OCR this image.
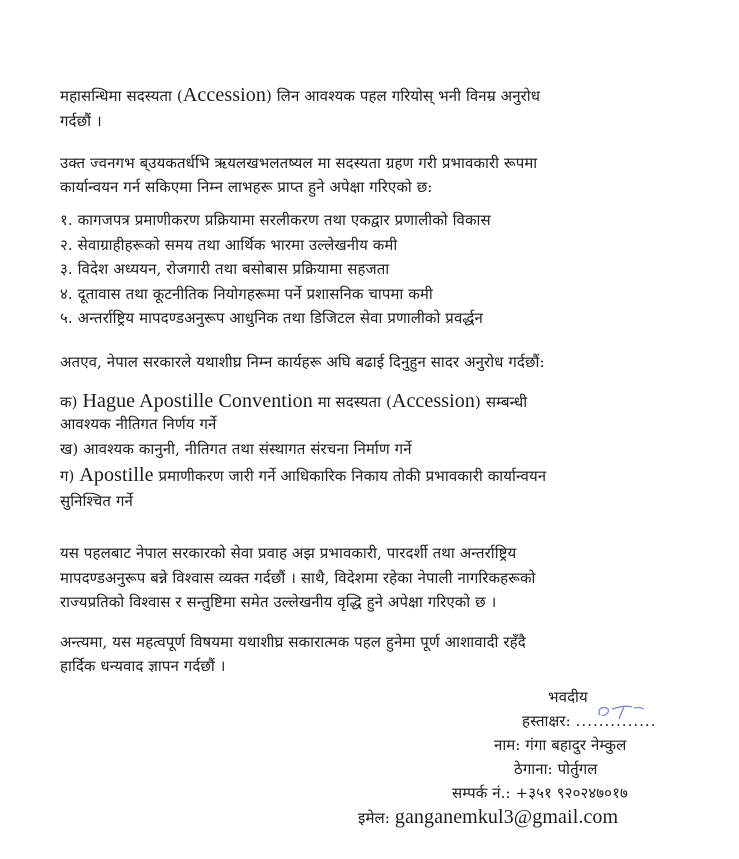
महासन्धिमा सदस्यता (Accession) लिन आवश्यक पहल गरियोस् भनी विनम्र अनुरोध
गर्दछौं ।
उक्त ज्वनगभ ब्उयकतर्धभि ऋयलखभलतष्यल मा सदस्यता ग्रहण गरी प्रभावकारी रूपमा
कार्यान्वयन गर्न सकिएमा निम्न लाभहरू प्राप्त हुने अपेक्षा गरिएको छ:
१. कागजपत्र प्रमाणीकरण प्रक्रियामा सरलीकरण तथा एकद्वार प्रणालीको विकास
२. सेवाग्राहीहरूको समय तथा आर्थिक भारमा उल्लेखनीय कमी
३. विदेश अध्ययन, रोजगारी तथा बसोबास प्रक्रियामा सहजता
४. दूतावास तथा कूटनीतिक नियोगहरूमा पर्ने प्रशासनिक चापमा कमी
५. अन्तर्राष्ट्रिय मापदण्डअनुरूप आधुनिक तथा डिजिटल सेवा प्रणालीको प्रवर्द्धन
अतएव, नेपाल सरकारले यथाशीघ्र निम्न कार्यहरू अघि बढाई दिनुहुन सादर अनुरोध गर्दछौं:
क) Hague Apostille Convention मा सदस्यता (Accession) सम्बन्धी
आवश्यक नीतिगत निर्णय गर्ने
ख) आवश्यक कानुनी, नीतिगत तथा संस्थागत संरचना निर्माण गर्ने
ग) Apostille प्रमाणीकरण जारी गर्ने आधिकारिक निकाय तोकी प्रभावकारी कार्यान्वयन
सुनिश्चित गर्ने
यस पहलबाट नेपाल सरकारको सेवा प्रवाह अझ प्रभावकारी, पारदर्शी तथा अन्तर्राष्ट्रिय
मापदण्डअनुरूप बन्ने विश्वास व्यक्त गर्दछौं । साथै, विदेशमा रहेका नेपाली नागरिकहरूको
राज्यप्रतिको विश्वास र सन्तुष्टिमा समेत उल्लेखनीय वृद्धि हुने अपेक्षा गरिएको छ ।
अन्त्यमा, यस महत्वपूर्ण विषयमा यथाशीघ्र सकारात्मक पहल हुनेमा पूर्ण आशावादी रहँदै
हार्दिक धन्यवाद ज्ञापन गर्दछौं ।
भवदीय
हस्ताक्षर: ..............
नाम: गंगा बहादुर नेम्कुल
ठेगाना: पोर्तुगल
सम्पर्क नं.: +३५१ ९२०२४७०१७
इमेल: ganganemkul3@gmail.com
